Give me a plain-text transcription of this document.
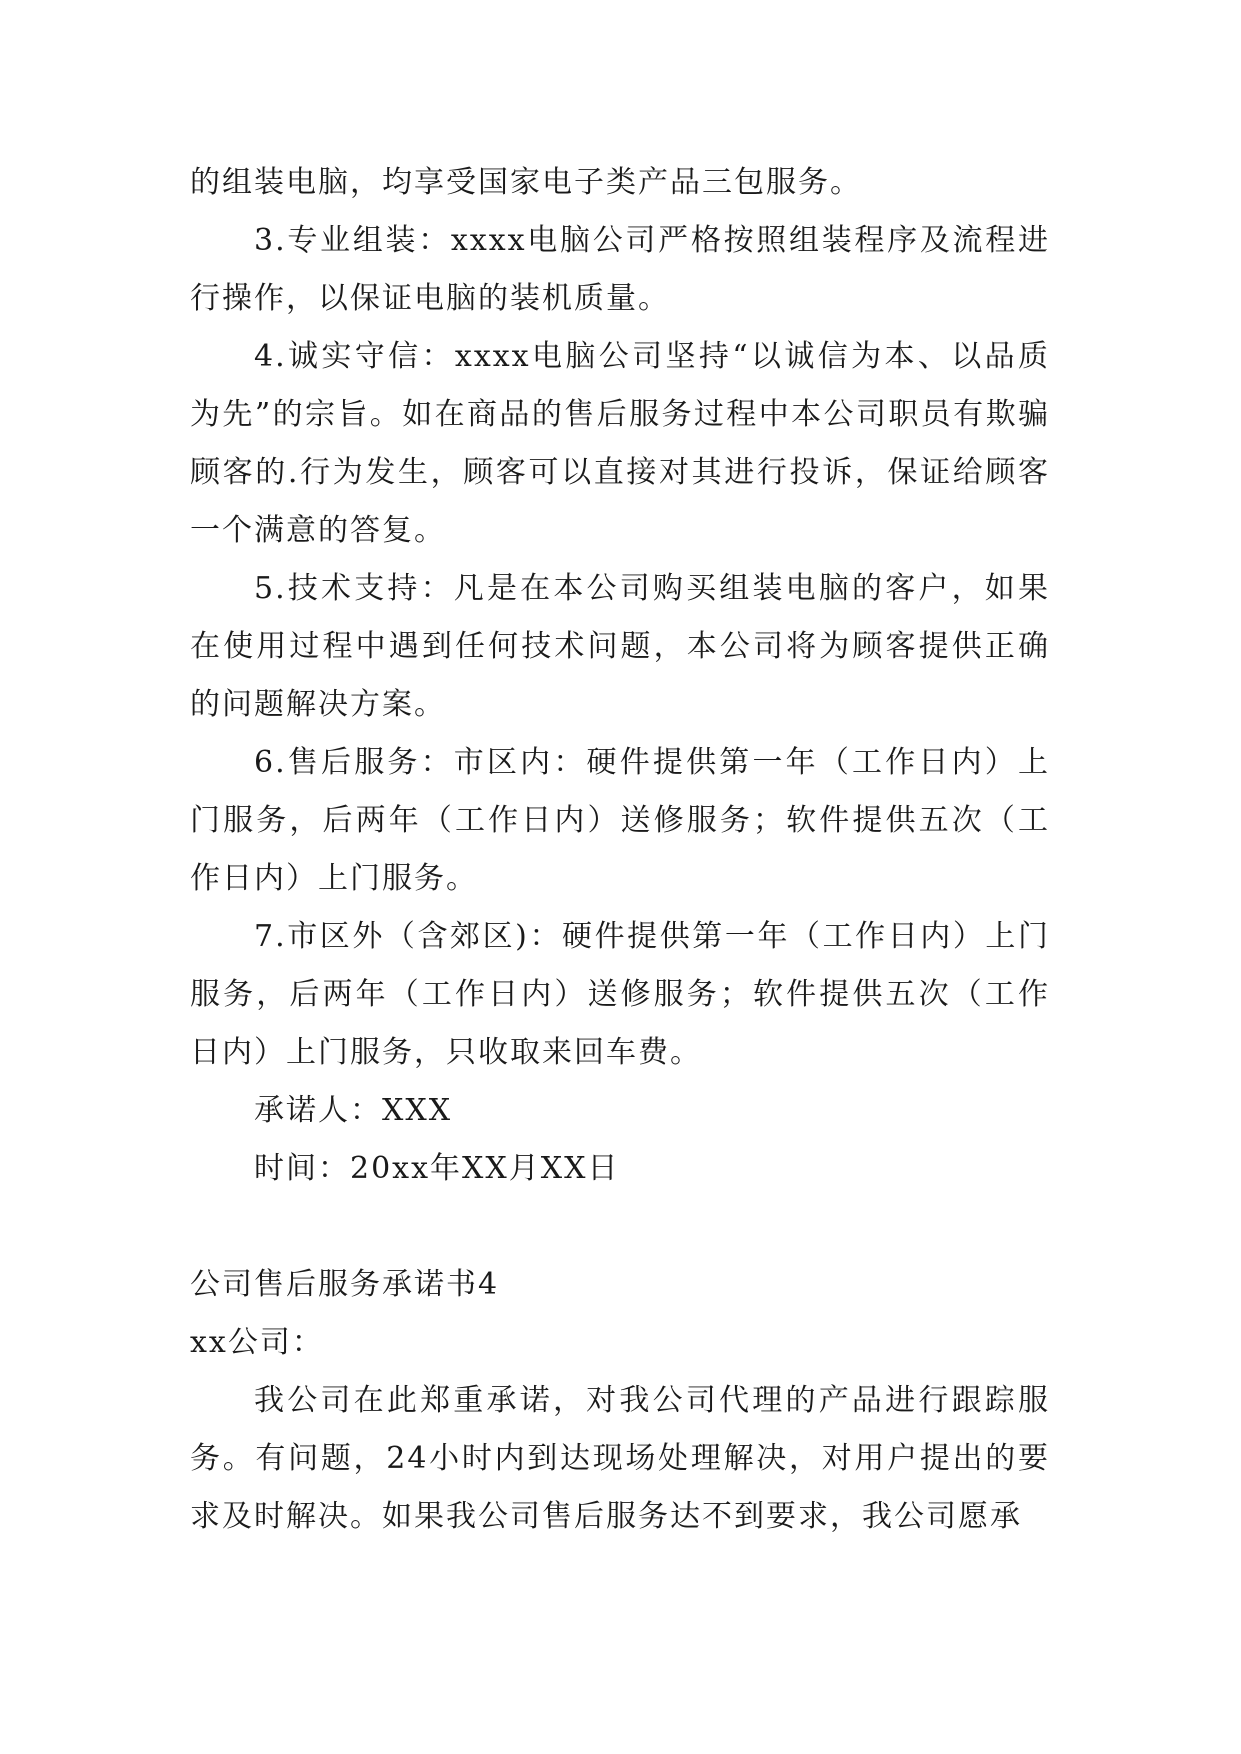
的组装电脑，均享受国家电子类产品三包服务。

3.专业组装：xxxx电脑公司严格按照组装程序及流程进行操作，以保证电脑的装机质量。

4.诚实守信：xxxx电脑公司坚持“以诚信为本、以品质为先”的宗旨。如在商品的售后服务过程中本公司职员有欺骗顾客的.行为发生，顾客可以直接对其进行投诉，保证给顾客一个满意的答复。

5.技术支持：凡是在本公司购买组装电脑的客户，如果在使用过程中遇到任何技术问题，本公司将为顾客提供正确的问题解决方案。

6.售后服务：市区内：硬件提供第一年（工作日内）上门服务，后两年（工作日内）送修服务；软件提供五次（工作日内）上门服务。

7.市区外（含郊区)：硬件提供第一年（工作日内）上门服务，后两年（工作日内）送修服务；软件提供五次（工作日内）上门服务，只收取来回车费。

承诺人：XXX

时间：20xx年XX月XX日

公司售后服务承诺书4

xx公司：

我公司在此郑重承诺，对我公司代理的产品进行跟踪服务。有问题，24小时内到达现场处理解决，对用户提出的要求及时解决。如果我公司售后服务达不到要求，我公司愿承
